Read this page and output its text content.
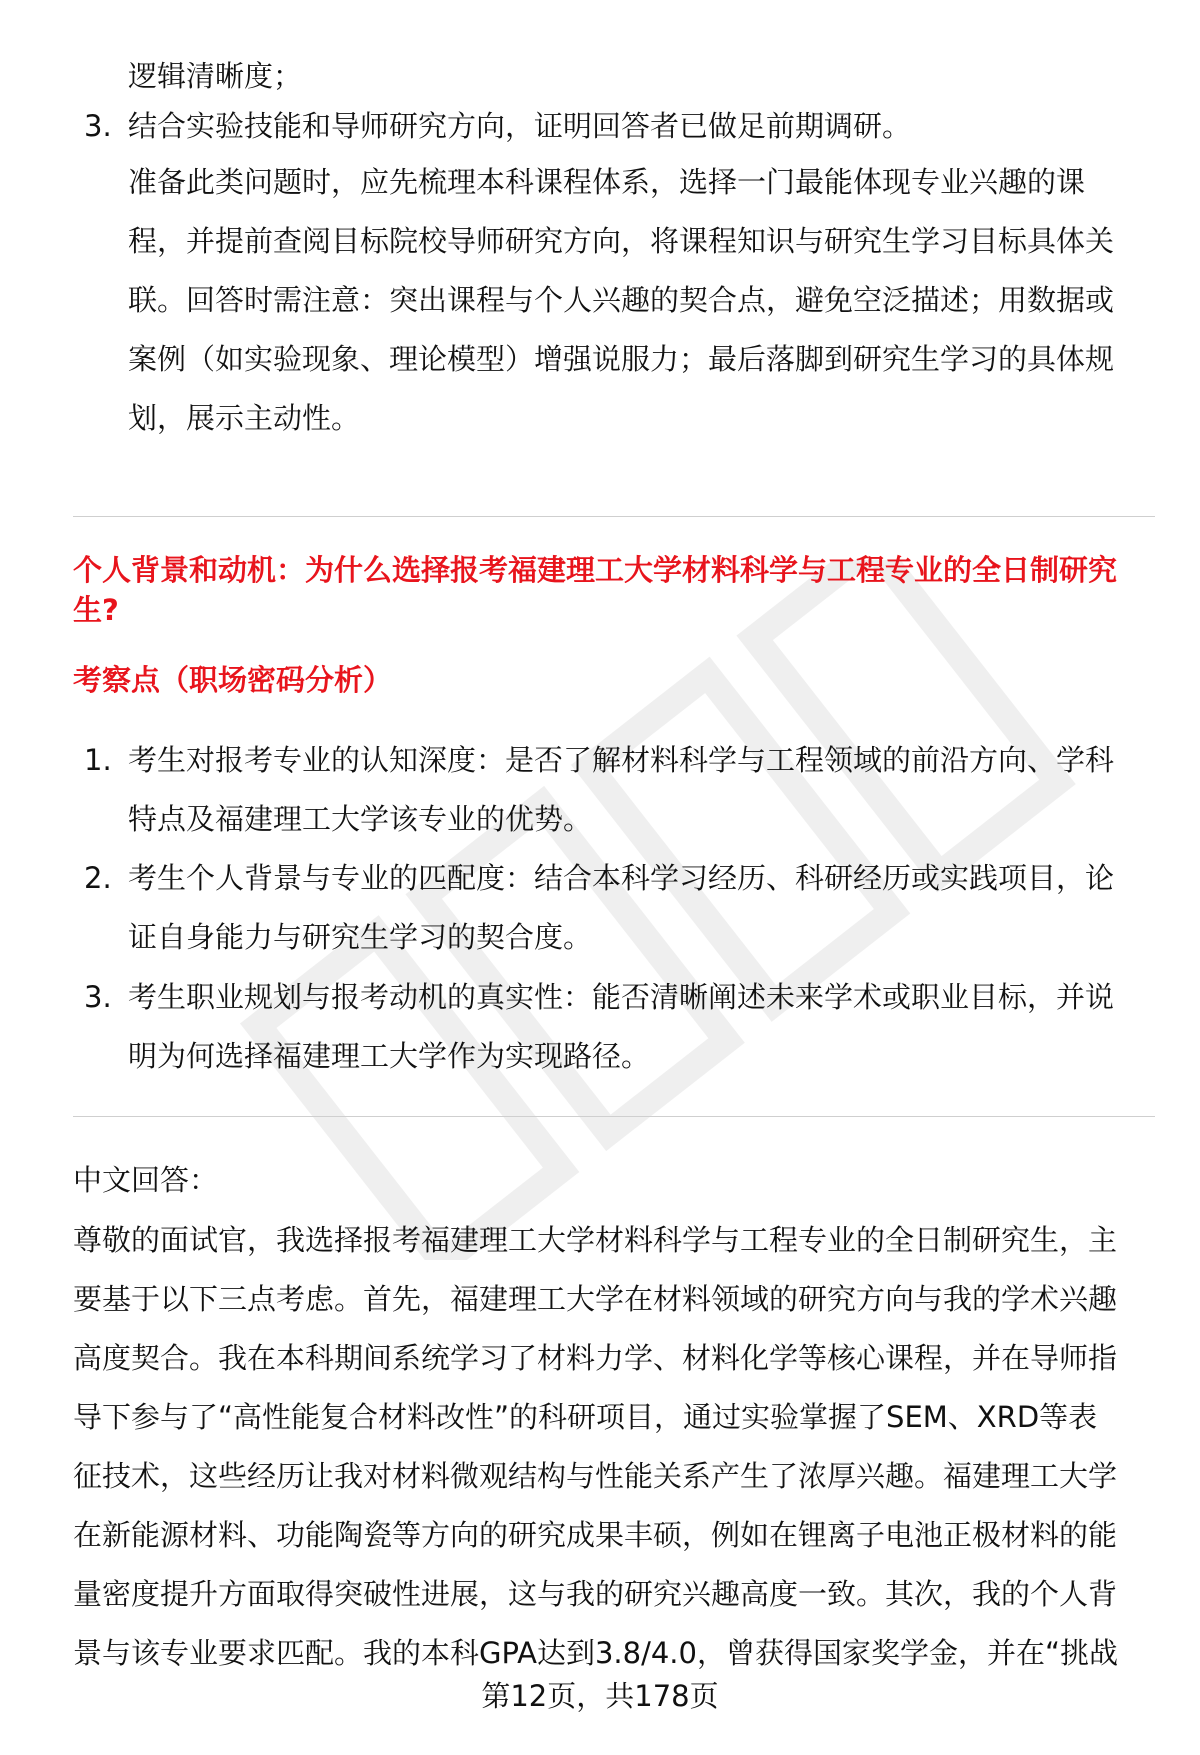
逻辑清晰度；
3. 结合实验技能和导师研究方向，证明回答者已做足前期调研。
准备此类问题时，应先梳理本科课程体系，选择一门最能体现专业兴趣的课
程，并提前查阅目标院校导师研究方向，将课程知识与研究生学习目标具体关
联。回答时需注意：突出课程与个人兴趣的契合点，避免空泛描述；用数据或
案例（如实验现象、理论模型）增强说服力；最后落脚到研究生学习的具体规
划，展示主动性。
个人背景和动机：为什么选择报考福建理工大学材料科学与工程专业的全日制研究
生?
考察点（职场密码分析）
1. 考生对报考专业的认知深度：是否了解材料科学与工程领域的前沿方向、学科
特点及福建理工大学该专业的优势。
2. 考生个人背景与专业的匹配度：结合本科学习经历、科研经历或实践项目，论
证自身能力与研究生学习的契合度。
3. 考生职业规划与报考动机的真实性：能否清晰阐述未来学术或职业目标，并说
明为何选择福建理工大学作为实现路径。
中文回答：
尊敬的面试官，我选择报考福建理工大学材料科学与工程专业的全日制研究生，主
要基于以下三点考虑。首先，福建理工大学在材料领域的研究方向与我的学术兴趣
高度契合。我在本科期间系统学习了材料力学、材料化学等核心课程，并在导师指
导下参与了“高性能复合材料改性”的科研项目，通过实验掌握了SEM、XRD等表
征技术，这些经历让我对材料微观结构与性能关系产生了浓厚兴趣。福建理工大学
在新能源材料、功能陶瓷等方向的研究成果丰硕，例如在锂离子电池正极材料的能
量密度提升方面取得突破性进展，这与我的研究兴趣高度一致。其次，我的个人背
景与该专业要求匹配。我的本科GPA达到3.8/4.0，曾获得国家奖学金，并在“挑战
第12页，共178页
